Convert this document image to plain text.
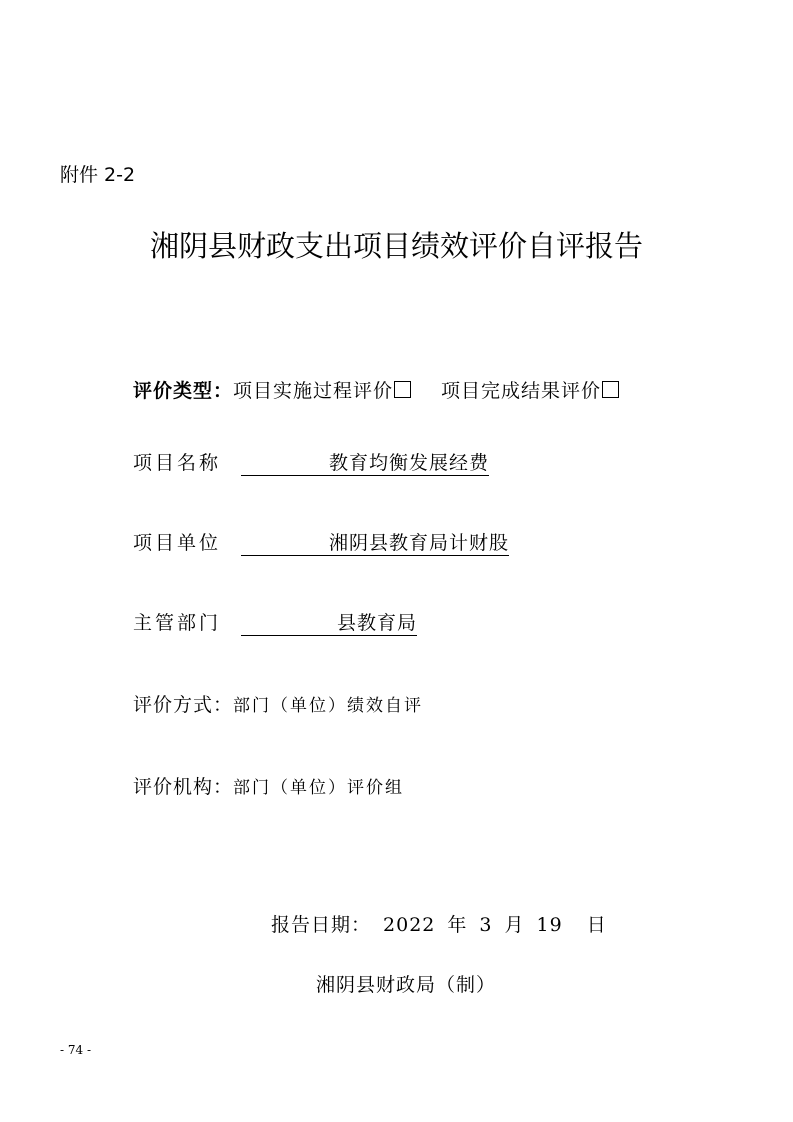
附件 2-2
湘阴县财政支出项目绩效评价自评报告
评价类型：项目实施过程评价	项目完成结果评价
项目名称	教育均衡发展经费
项目单位	湘阴县教育局计财股
主管部门	县教育局
评价方式：部门（单位）绩效自评
评价机构：部门（单位）评价组
报告日期： 2022 年 3 月 19 日
湘阴县财政局（制）
- 74 -
